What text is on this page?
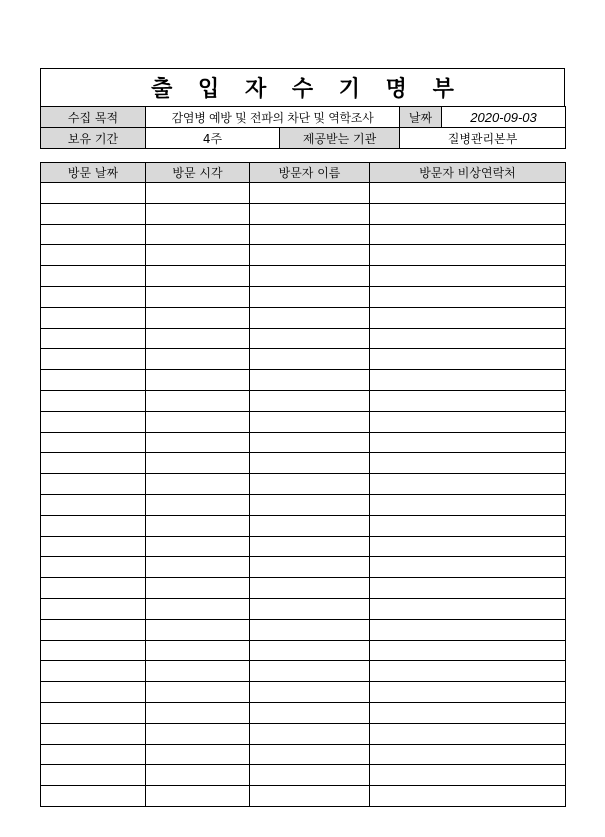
출 입 자 수 기 명 부
수집 목적	감염병 예방 및 전파의 차단 및 역학조사		날짜	2020-09-03
보유 기간	4주	제공받는 기관	질병관리본부	
방문 날짜	방문 시각	방문자 이름	방문자 비상연락처
